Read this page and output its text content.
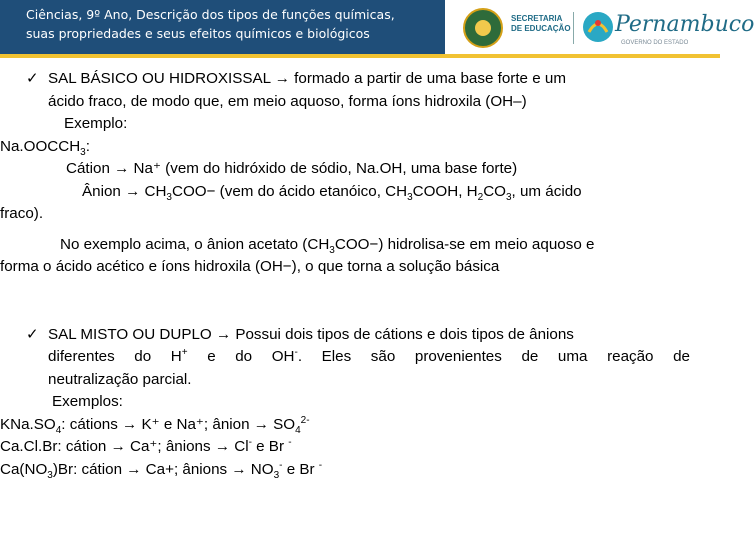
Ciências, 9º Ano, Descrição dos tipos de funções químicas,
suas propriedades e seus efeitos químicos e biológicos
SECRETARIA DE EDUCAÇÃO Pernambuco
GOVERNO DO ESTADO

✓ SAL BÁSICO OU HIDROXISSAL → formado a partir de uma base forte e um

ácido fraco, de modo que, em meio aquoso, forma íons hidroxila (OH–)

Exemplo:

$Na.OOCCH_3$:

Cátion → Na⁺ (vem do hidróxido de sódio, Na.OH, uma base forte)

Ânion → $CH_3COO- (vem$ do ácido etanóico, $CH_3COOH$, $H_2CO_3$, um ácido

fraco).

No exemplo acima, o ânion acetato $(CH_3COO-)$ hidrolisa-se em meio aquoso e

forma o ácido acético e íons hidroxila (OH−), o que torna a solução básica

✓ SAL MISTO OU DUPLO → Possui dois tipos de cátions e dois tipos de ânions

diferentes do H+ e do OH-. Eles são provenientes de uma reação de

neutralização parcial.

Exemplos:

$KNa.SO_4$: cátions → K⁺ e Na⁺; ânion → $SO_4^{2-}$

Ca.Cl.Br: cátion → Ca⁺; ânions → Cl- e Br -

$Ca(NO_3)Br$: cátion → Ca+; ânions → $NO_3^-$ e Br -
